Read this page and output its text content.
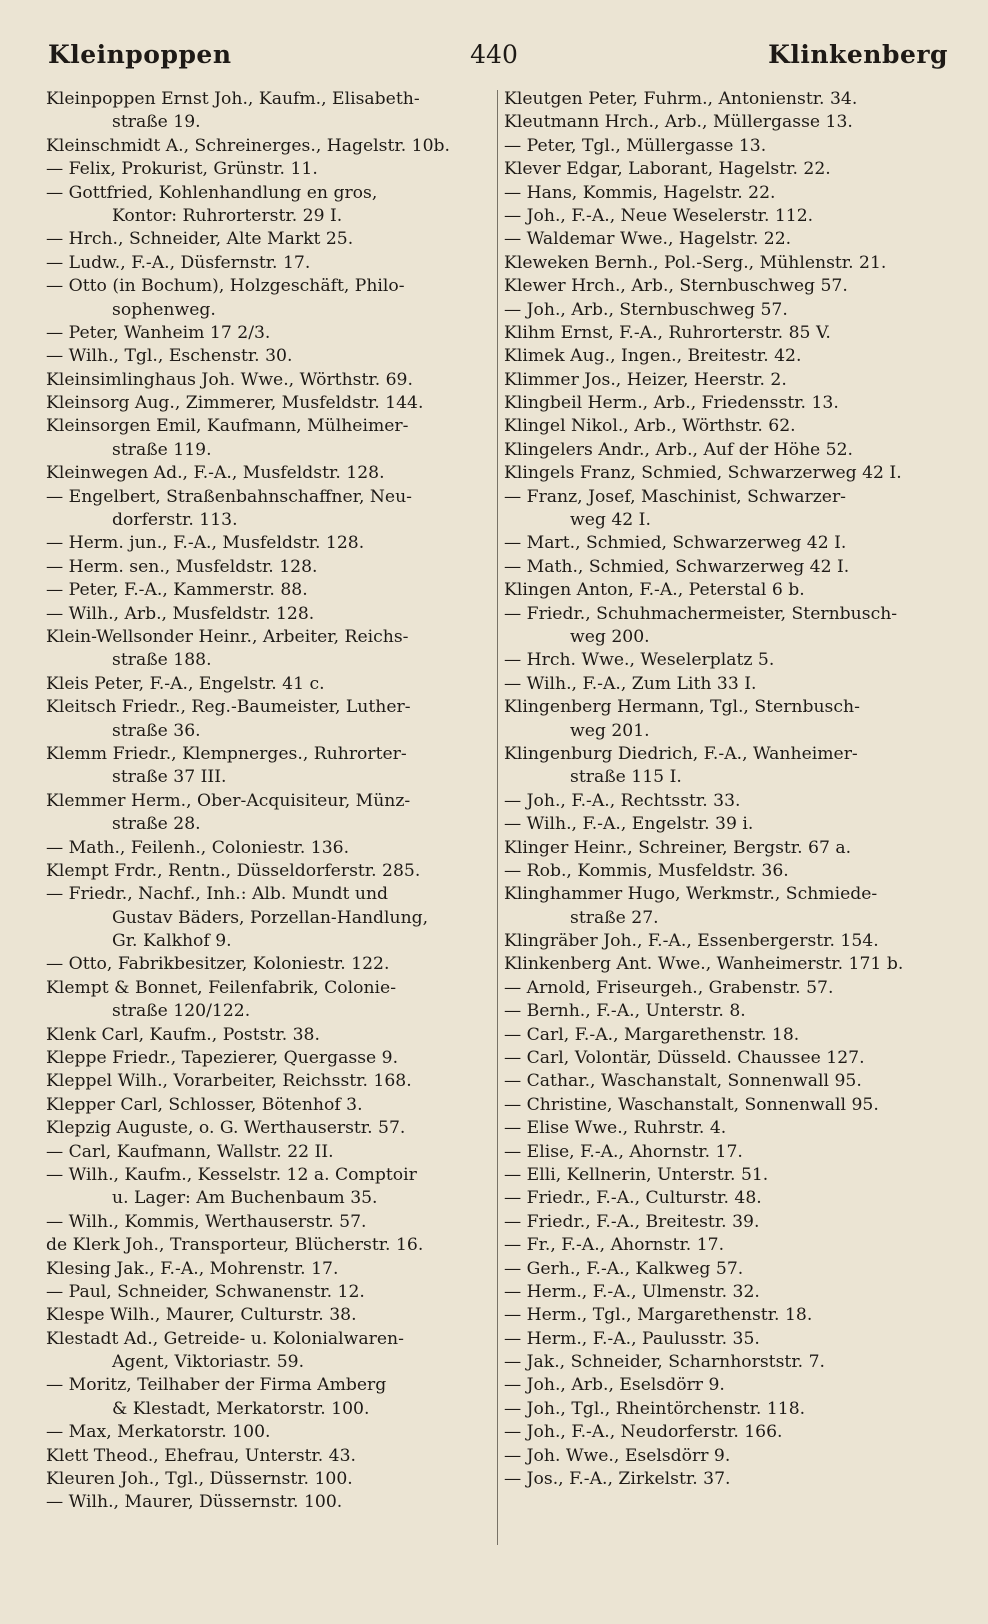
Kleinpoppen	440	Klinkenberg
Kleinpoppen Ernst Joh., Kaufm., Elisabeth-
straße 19.
Kleinschmidt A., Schreinerges., Hagelstr. 10b.
— Felix, Prokurist, Grünstr. 11.
— Gottfried, Kohlenhandlung en gros,
Kontor: Ruhrorterstr. 29 I.
— Hrch., Schneider, Alte Markt 25.
— Ludw., F.-A., Düsfernstr. 17.
— Otto (in Bochum), Holzgeschäft, Philo-
sophenweg.
— Peter, Wanheim 17 2/3.
— Wilh., Tgl., Eschenstr. 30.
Kleinsimlinghaus Joh. Wwe., Wörthstr. 69.
Kleinsorg Aug., Zimmerer, Musfeldstr. 144.
Kleinsorgen Emil, Kaufmann, Mülheimer-
straße 119.
Kleinwegen Ad., F.-A., Musfeldstr. 128.
— Engelbert, Straßenbahnschaffner, Neu-
dorferstr. 113.
— Herm. jun., F.-A., Musfeldstr. 128.
— Herm. sen., Musfeldstr. 128.
— Peter, F.-A., Kammerstr. 88.
— Wilh., Arb., Musfeldstr. 128.
Klein-Wellsonder Heinr., Arbeiter, Reichs-
straße 188.
Kleis Peter, F.-A., Engelstr. 41 c.
Kleitsch Friedr., Reg.-Baumeister, Luther-
straße 36.
Klemm Friedr., Klempnerges., Ruhrorter-
straße 37 III.
Klemmer Herm., Ober-Acquisiteur, Münz-
straße 28.
— Math., Feilenh., Coloniestr. 136.
Klempt Frdr., Rentn., Düsseldorferstr. 285.
— Friedr., Nachf., Inh.: Alb. Mundt und
Gustav Bäders, Porzellan-Handlung,
Gr. Kalkhof 9.
— Otto, Fabrikbesitzer, Koloniestr. 122.
Klempt & Bonnet, Feilenfabrik, Colonie-
straße 120/122.
Klenk Carl, Kaufm., Poststr. 38.
Kleppe Friedr., Tapezierer, Quergasse 9.
Kleppel Wilh., Vorarbeiter, Reichsstr. 168.
Klepper Carl, Schlosser, Bötenhof 3.
Klepzig Auguste, o. G. Werthauserstr. 57.
— Carl, Kaufmann, Wallstr. 22 II.
— Wilh., Kaufm., Kesselstr. 12 a. Comptoir
u. Lager: Am Buchenbaum 35.
— Wilh., Kommis, Werthauserstr. 57.
de Klerk Joh., Transporteur, Blücherstr. 16.
Klesing Jak., F.-A., Mohrenstr. 17.
— Paul, Schneider, Schwanenstr. 12.
Klespe Wilh., Maurer, Culturstr. 38.
Klestadt Ad., Getreide- u. Kolonialwaren-
Agent, Viktoriastr. 59.
— Moritz, Teilhaber der Firma Amberg
& Klestadt, Merkatorstr. 100.
— Max, Merkatorstr. 100.
Klett Theod., Ehefrau, Unterstr. 43.
Kleuren Joh., Tgl., Düssernstr. 100.
— Wilh., Maurer, Düssernstr. 100.
Kleutgen Peter, Fuhrm., Antonienstr. 34.
Kleutmann Hrch., Arb., Müllergasse 13.
— Peter, Tgl., Müllergasse 13.
Klever Edgar, Laborant, Hagelstr. 22.
— Hans, Kommis, Hagelstr. 22.
— Joh., F.-A., Neue Weselerstr. 112.
— Waldemar Wwe., Hagelstr. 22.
Kleweken Bernh., Pol.-Serg., Mühlenstr. 21.
Klewer Hrch., Arb., Sternbuschweg 57.
— Joh., Arb., Sternbuschweg 57.
Klihm Ernst, F.-A., Ruhrorterstr. 85 V.
Klimek Aug., Ingen., Breitestr. 42.
Klimmer Jos., Heizer, Heerstr. 2.
Klingbeil Herm., Arb., Friedensstr. 13.
Klingel Nikol., Arb., Wörthstr. 62.
Klingelers Andr., Arb., Auf der Höhe 52.
Klingels Franz, Schmied, Schwarzerweg 42 I.
— Franz, Josef, Maschinist, Schwarzer-
weg 42 I.
— Mart., Schmied, Schwarzerweg 42 I.
— Math., Schmied, Schwarzerweg 42 I.
Klingen Anton, F.-A., Peterstal 6 b.
— Friedr., Schuhmachermeister, Sternbusch-
weg 200.
— Hrch. Wwe., Weselerplatz 5.
— Wilh., F.-A., Zum Lith 33 I.
Klingenberg Hermann, Tgl., Sternbusch-
weg 201.
Klingenburg Diedrich, F.-A., Wanheimer-
straße 115 I.
— Joh., F.-A., Rechtsstr. 33.
— Wilh., F.-A., Engelstr. 39 i.
Klinger Heinr., Schreiner, Bergstr. 67 a.
— Rob., Kommis, Musfeldstr. 36.
Klinghammer Hugo, Werkmstr., Schmiede-
straße 27.
Klingräber Joh., F.-A., Essenbergerstr. 154.
Klinkenberg Ant. Wwe., Wanheimerstr. 171 b.
— Arnold, Friseurgeh., Grabenstr. 57.
— Bernh., F.-A., Unterstr. 8.
— Carl, F.-A., Margarethenstr. 18.
— Carl, Volontär, Düsseld. Chaussee 127.
— Cathar., Waschanstalt, Sonnenwall 95.
— Christine, Waschanstalt, Sonnenwall 95.
— Elise Wwe., Ruhrstr. 4.
— Elise, F.-A., Ahornstr. 17.
— Elli, Kellnerin, Unterstr. 51.
— Friedr., F.-A., Culturstr. 48.
— Friedr., F.-A., Breitestr. 39.
— Fr., F.-A., Ahornstr. 17.
— Gerh., F.-A., Kalkweg 57.
— Herm., F.-A., Ulmenstr. 32.
— Herm., Tgl., Margarethenstr. 18.
— Herm., F.-A., Paulusstr. 35.
— Jak., Schneider, Scharnhorststr. 7.
— Joh., Arb., Eselsdörr 9.
— Joh., Tgl., Rheintörchenstr. 118.
— Joh., F.-A., Neudorferstr. 166.
— Joh. Wwe., Eselsdörr 9.
— Jos., F.-A., Zirkelstr. 37.
